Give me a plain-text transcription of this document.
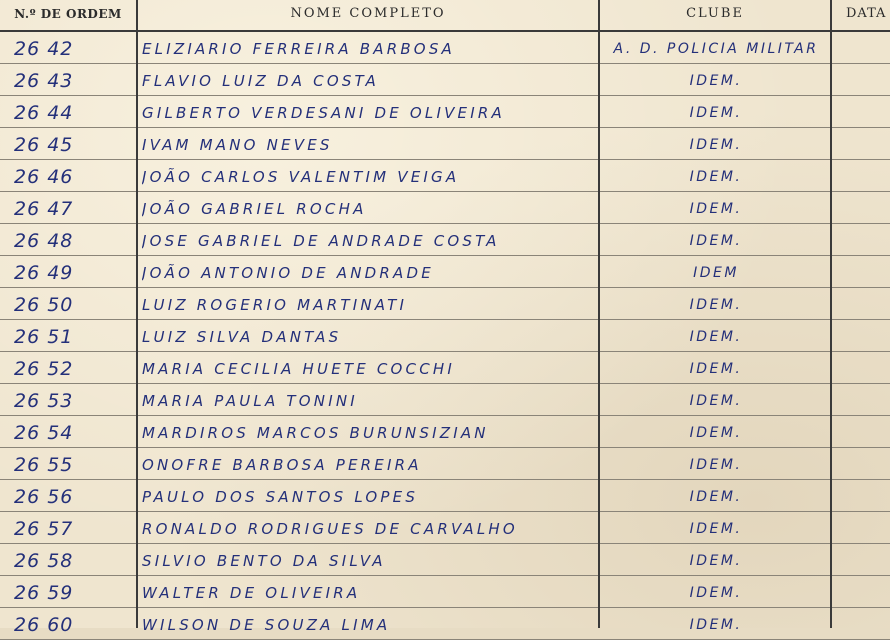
N.º DE ORDEM	NOME COMPLETO	CLUBE	DATA
26 42	ELIZIARIO FERREIRA BARBOSA	A. D. POLICIA MILITAR
26 43	FLAVIO LUIZ DA COSTA	IDEM.
26 44	GILBERTO VERDESANI DE OLIVEIRA	IDEM.
26 45	IVAM MANO NEVES	IDEM.
26 46	JOÃO CARLOS VALENTIM VEIGA	IDEM.
26 47	JOÃO GABRIEL ROCHA	IDEM.
26 48	JOSE GABRIEL DE ANDRADE COSTA	IDEM.
26 49	JOÃO ANTONIO DE ANDRADE	IDEM
26 50	LUIZ ROGERIO MARTINATI	IDEM.
26 51	LUIZ SILVA DANTAS	IDEM.
26 52	MARIA CECILIA HUETE COCCHI	IDEM.
26 53	MARIA PAULA TONINI	IDEM.
26 54	MARDIROS MARCOS BURUNSIZIAN	IDEM.
26 55	ONOFRE BARBOSA PEREIRA	IDEM.
26 56	PAULO DOS SANTOS LOPES	IDEM.
26 57	RONALDO RODRIGUES DE CARVALHO	IDEM.
26 58	SILVIO BENTO DA SILVA	IDEM.
26 59	WALTER DE OLIVEIRA	IDEM.
26 60	WILSON DE SOUZA LIMA	IDEM.
